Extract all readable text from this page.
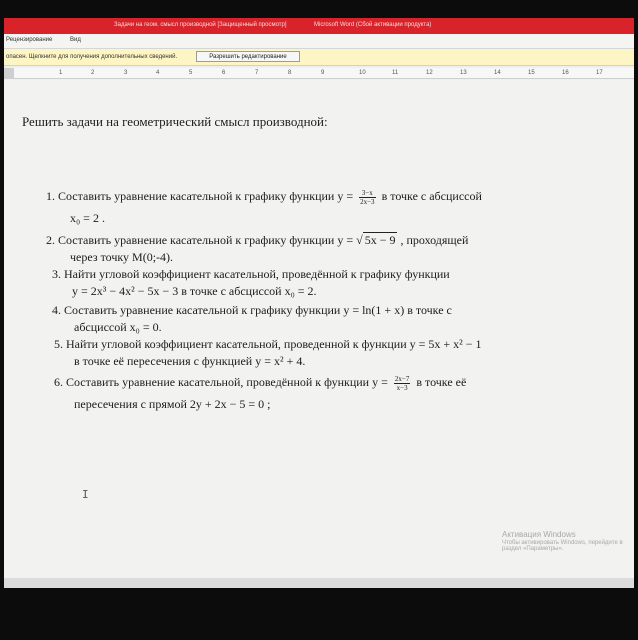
Задачи на геом. смысл производной [Защищенный просмотр]	Microsoft Word (Сбой активации продукта)
Рецензирование	Вид
опасен. Щелкните для получения дополнительных сведений.	Разрешить редактирование
1	2	3	4	5	6	7	8	9	10	11	12	13	14	15	16	17
Решить задачи на геометрический смысл производной:
1. Составить уравнение касательной к графику функции $y = \frac{3-x}{2x-3}$ в точке с абсциссой
x₀ = 2 .
2. Составить уравнение касательной к графику функции y = √ 5x − 9 , проходящей
через точку М(0;-4).
3. Найти угловой коэффициент касательной, проведённой к графику функции
y = 2x³ − 4x² − 5x − 3 в точке с абсциссой x₀ = 2.
4. Составить уравнение касательной к графику функции y = ln(1 + x) в точке с
абсциссой x₀ = 0.
5. Найти угловой коэффициент касательной, проведенной к функции y = 5x + x² − 1
в точке её пересечения с функцией y = x² + 4.
6. Составить уравнение касательной, проведённой к функции $y = \frac{2x-7}{x-3}$ в точке её
пересечения с прямой 2y + 2x − 5 = 0 ;
I
Активация Windows
Чтобы активировать Windows, перейдите в раздел «Параметры».
